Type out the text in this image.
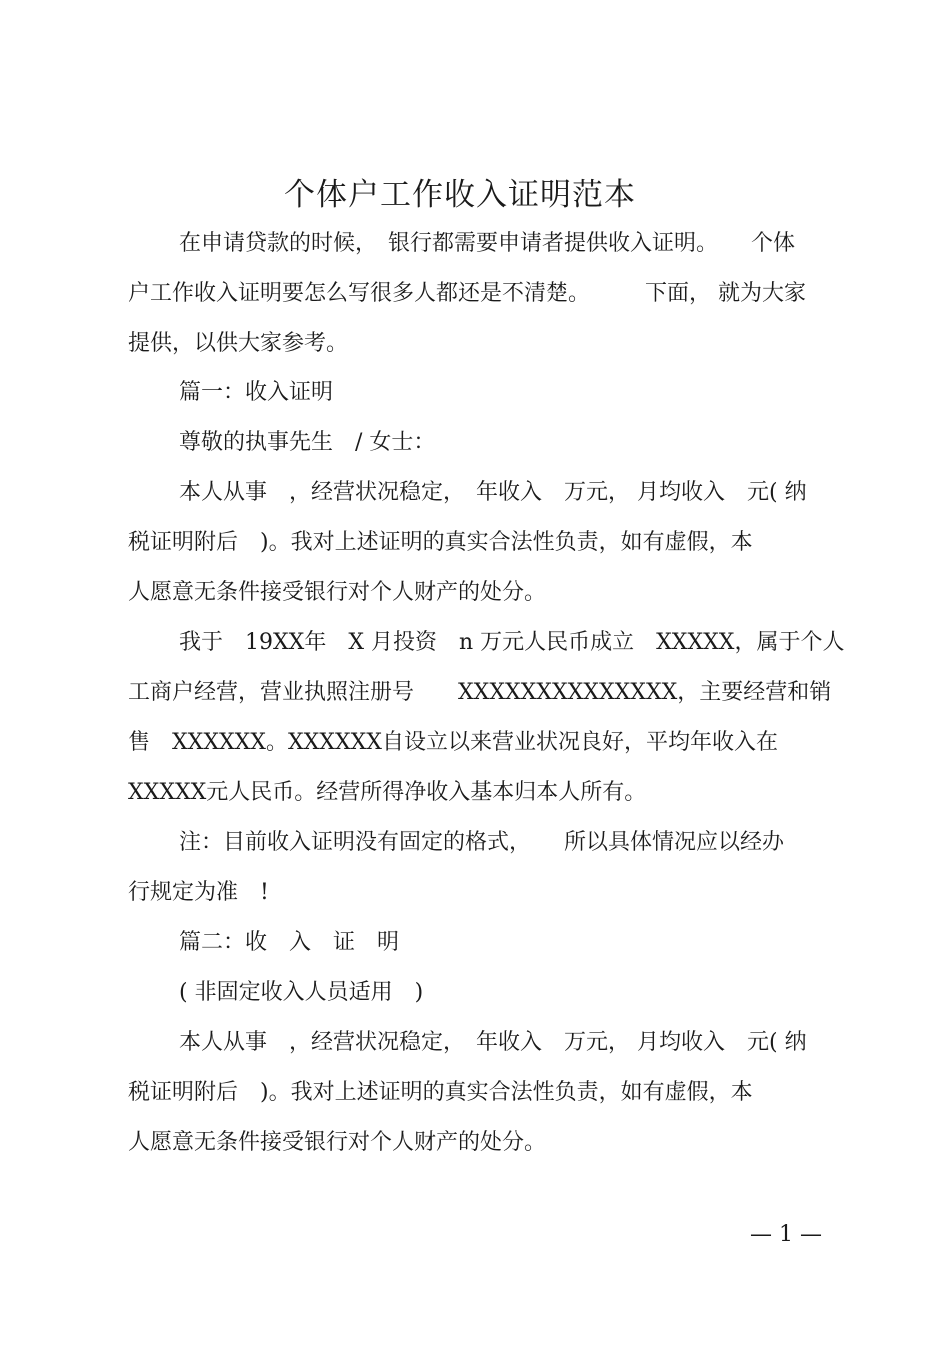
个体户工作收入证明范本
在申请贷款的时候，　银行都需要申请者提供收入证明。　　个体
户工作收入证明要怎么写很多人都还是不清楚。　　　下面， 就为大家
提供，以供大家参考。
篇一：收入证明
尊敬的执事先生　/ 女士：
本人从事　，经营状况稳定，　年收入　万元， 月均收入　元( 纳
税证明附后　)。我对上述证明的真实合法性负责，如有虚假，本
人愿意无条件接受银行对个人财产的处分。
我于　19XX年　X 月投资　n 万元人民币成立　XXXXX，属于个人
工商户经营，营业执照注册号　　XXXXXXXXXXXXXX，主要经营和销
售　XXXXXX。XXXXXX自设立以来营业状况良好，平均年收入在
XXXXX元人民币。经营所得净收入基本归本人所有。
注：目前收入证明没有固定的格式，　　所以具体情况应以经办
行规定为准　!
篇二：收　入　证　明
( 非固定收入人员适用　)
本人从事　，经营状况稳定，　年收入　万元， 月均收入　元( 纳
税证明附后　)。我对上述证明的真实合法性负责，如有虚假，本
人愿意无条件接受银行对个人财产的处分。
— 1 —
